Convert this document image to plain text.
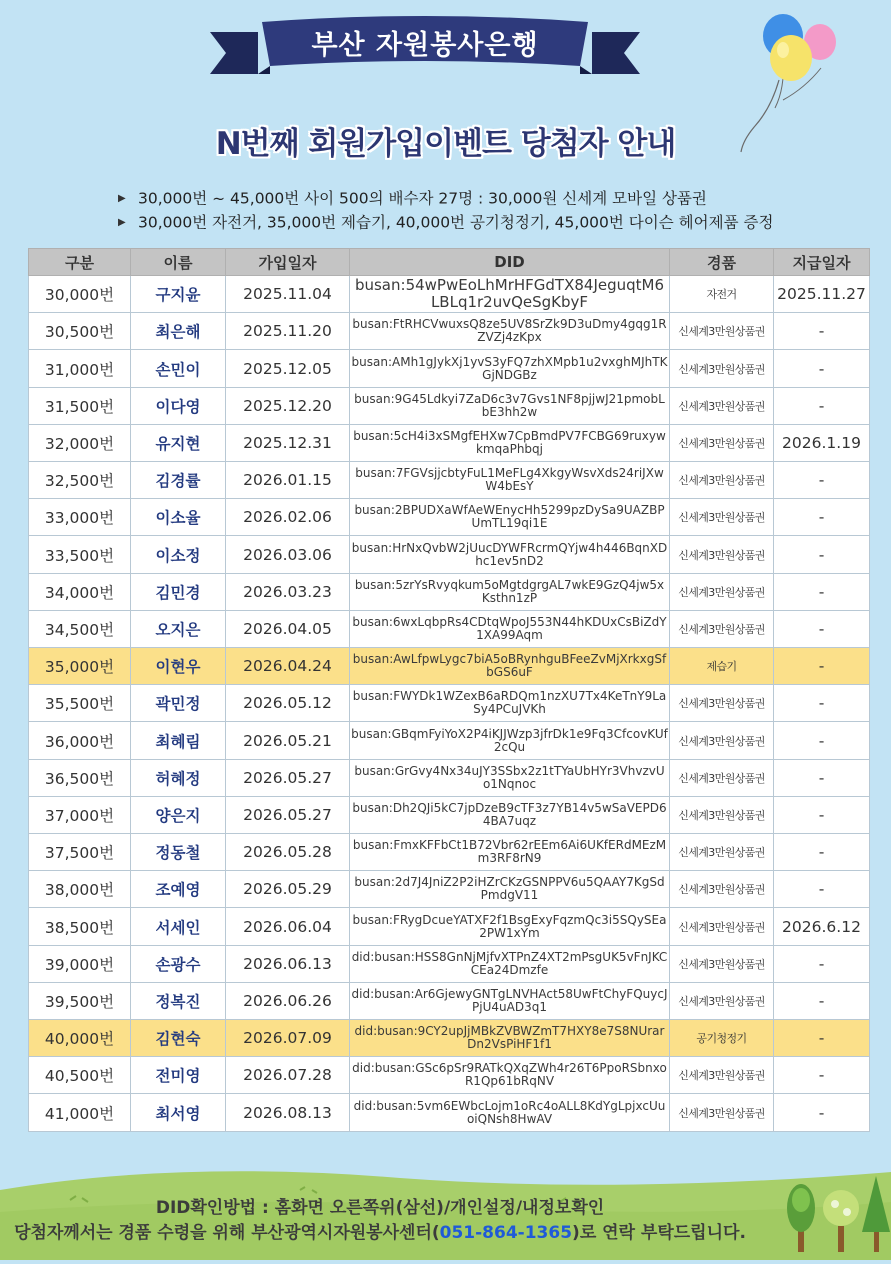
부산 자원봉사은행
N번째 회원가입이벤트 당첨자 안내
▶ 30,000번 ~ 45,000번 사이 500의 배수자 27명 : 30,000원 신세계 모바일 상품권
▶ 30,000번 자전거, 35,000번 제습기, 40,000번 공기청정기, 45,000번 다이슨 헤어제품 증정
구분	이름	가입일자	DID	경품	지급일자
30,000번	구지윤	2025.11.04	busan:54wPwEoLhMrHFGdTX84JeguqtM6LBLq1r2uvQeSgKbyF	자전거	2025.11.27
30,500번	최은해	2025.11.20	busan:FtRHCVwuxsQ8ze5UV8SrZk9D3uDmy4gqg1RZVZj4zKpx	신세계3만원상품권	-
31,000번	손민이	2025.12.05	busan:AMh1gJykXj1yvS3yFQ7zhXMpb1u2vxghMJhTKGjNDGBz	신세계3만원상품권	-
31,500번	이다영	2025.12.20	busan:9G45Ldkyi7ZaD6c3v7Gvs1NF8pjjwJ21pmobLbE3hh2w	신세계3만원상품권	-
32,000번	유지현	2025.12.31	busan:5cH4i3xSMgfEHXw7CpBmdPV7FCBG69ruxywkmqaPhbqj	신세계3만원상품권	2026.1.19
32,500번	김경률	2026.01.15	busan:7FGVsjjcbtyFuL1MeFLg4XkgyWsvXds24riJXwW4bEsY	신세계3만원상품권	-
33,000번	이소율	2026.02.06	busan:2BPUDXaWfAeWEnycHh5299pzDySa9UAZBPUmTL19qi1E	신세계3만원상품권	-
33,500번	이소정	2026.03.06	busan:HrNxQvbW2jUucDYWFRcrmQYjw4h446BqnXDhc1ev5nD2	신세계3만원상품권	-
34,000번	김민경	2026.03.23	busan:5zrYsRvyqkum5oMgtdgrgAL7wkE9GzQ4jw5xKsthn1zP	신세계3만원상품권	-
34,500번	오지은	2026.04.05	busan:6wxLqbpRs4CDtqWpoJ553N44hKDUxCsBiZdY1XA99Aqm	신세계3만원상품권	-
35,000번	이현우	2026.04.24	busan:AwLfpwLygc7biA5oBRynhguBFeeZvMjXrkxgSfbGS6uF	제습기	-
35,500번	곽민정	2026.05.12	busan:FWYDk1WZexB6aRDQm1nzXU7Tx4KeTnY9LaSy4PCuJVKh	신세계3만원상품권	-
36,000번	최혜림	2026.05.21	busan:GBqmFyiYoX2P4iKJJWzp3jfrDk1e9Fq3CfcovKUf2cQu	신세계3만원상품권	-
36,500번	허혜정	2026.05.27	busan:GrGvy4Nx34uJY3SSbx2z1tTYaUbHYr3VhvzvUo1Nqnoc	신세계3만원상품권	-
37,000번	양은지	2026.05.27	busan:Dh2QJi5kC7jpDzeB9cTF3z7YB14v5wSaVEPD64BA7uqz	신세계3만원상품권	-
37,500번	정동철	2026.05.28	busan:FmxKFFbCt1B72Vbr62rEEm6Ai6UKfERdMEzMm3RF8rN9	신세계3만원상품권	-
38,000번	조예영	2026.05.29	busan:2d7J4JniZ2P2iHZrCKzGSNPPV6u5QAAY7KgSdPmdgV11	신세계3만원상품권	-
38,500번	서세인	2026.06.04	busan:FRygDcueYATXF2f1BsgExyFqzmQc3i5SQySEa2PW1xYm	신세계3만원상품권	2026.6.12
39,000번	손광수	2026.06.13	did:busan:HSS8GnNjMjfvXTPnZ4XT2mPsgUK5vFnJKCCEa24Dmzfe	신세계3만원상품권	-
39,500번	정복진	2026.06.26	did:busan:Ar6GjewyGNTgLNVHAct58UwFtChyFQuycJPjU4uAD3q1	신세계3만원상품권	-
40,000번	김현숙	2026.07.09	did:busan:9CY2upJjMBkZVBWZmT7HXY8e7S8NUrarDn2VsPiHF1f1	공기청정기	-
40,500번	전미영	2026.07.28	did:busan:GSc6pSr9RATkQXqZWh4r26T6PpoRSbnxoR1Qp61bRqNV	신세계3만원상품권	-
41,000번	최서영	2026.08.13	did:busan:5vm6EWbcLojm1oRc4oALL8KdYgLpjxcUuoiQNsh8HwAV	신세계3만원상품권	-
DID확인방법 : 홈화면 오른쪽위(삼선)/개인설정/내정보확인
당첨자께서는 경품 수령을 위해 부산광역시자원봉사센터(051-864-1365)로 연락 부탁드립니다.
